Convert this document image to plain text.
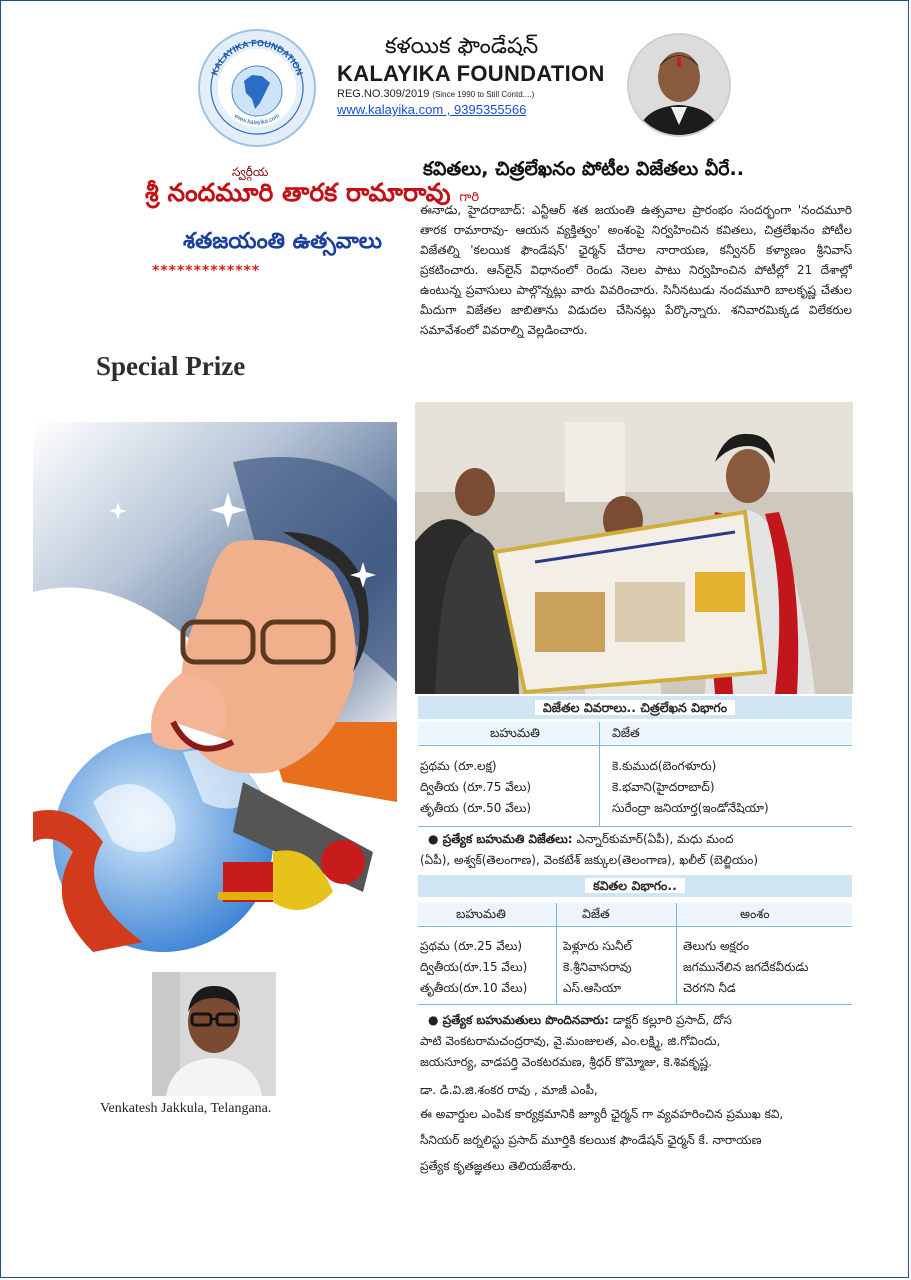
KALAYIKA FOUNDATION
www.kalayika.com
కళయిక ఫౌండేషన్
KALAYIKA FOUNDATION
REG.NO.309/2019 (Since 1990 to Still Contd....)
www.kalayika.com , 9395355566
స్వర్గీయ
శ్రీ నందమూరి తారక రామారావు గారి
శతజయంతి ఉత్సవాలు
*************
Special Prize
Venkatesh Jakkula, Telangana.
కవితలు, చిత్రలేఖనం పోటీల విజేతలు వీరే..
ఈనాడు, హైదరాబాద్: ఎన్టీఆర్ శత జయంతి ఉత్సవాల ప్రారంభం సందర్భంగా 'నందమూరి తారక రామారావు- ఆయన వ్యక్తిత్వం' అంశంపై నిర్వహించిన కవితలు, చిత్రలేఖనం పోటీల విజేతల్ని 'కలయిక ఫౌండేషన్' ఛైర్మన్ చేరాల నారాయణ, కన్వీనర్ కళ్యాణం శ్రీనివాస్ ప్రకటించారు. ఆన్‌లైన్ విధానంలో రెండు నెలల పాటు నిర్వహించిన పోటీల్లో 21 దేశాల్లో ఉంటున్న ప్రవాసులు పాల్గొన్నట్లు వారు వివరించారు. సినీనటుడు నందమూరి బాలకృష్ణ చేతుల మీదుగా విజేతల జాబితాను విడుదల చేసినట్లు పేర్కొన్నారు. శనివారమిక్కడ విలేకరుల సమావేశంలో వివరాల్ని వెల్లడించారు.
విజేతల వివరాలు.. చిత్రలేఖన విభాగం
బహుమతి	విజేత
ప్రథమ (రూ.లక్ష)	కె.కుముద(బెంగళూరు)
ద్వితీయ (రూ.75 వేలు)	కె.భవాని(హైదరాబాద్)
తృతీయ (రూ.50 వేలు)	సురేంద్రా జనియార్త(ఇండోనేషియా)
● ప్రత్యేక బహుమతి విజేతలు: ఎన్నార్‌కుమార్(ఏపీ), మధు మంద
(ఏపీ), అశ్వక్(తెలంగాణ), వెంకటేశ్ జక్కుల(తెలంగాణ), ఖలీల్ (బెల్జియం)
కవితల విభాగం..
బహుమతి	విజేత	అంశం
ప్రథమ (రూ.25 వేలు)	పెళ్లూరు సునీల్	తెలుగు అక్షరం
ద్వితీయ(రూ.15 వేలు)	కె.శ్రీనివాసరావు	జగమునేలిన జగదేకవీరుడు
తృతీయ(రూ.10 వేలు)	ఎస్.ఆసియా	చెరగని నీడ
● ప్రత్యేక బహుమతులు పొందినవారు: డాక్టర్ కల్లూరి ప్రసాద్, దోస
పాటి వెంకటరామచంద్రరావు, వై.మంజులత, ఎం.లక్ష్మి, జి.గోవిందు,
జయసూర్య, వాడపర్తి వెంకటరమణ, శ్రీధర్ కొమ్మోజు, కె.శివకృష్ణ.
డా. డి.వి.జి.శంకర రావు , మాజీ ఎంపీ,
ఈ అవార్డుల ఎంపిక కార్యక్రమానికి జ్యూరీ ఛైర్మన్ గా వ్యవహరించిన ప్రముఖ కవి,
సీనియర్ జర్నలిస్టు ప్రసాద్ మూర్తికి కలయిక ఫౌండేషన్ ఛైర్మన్ కే. నారాయణ
ప్రత్యేక కృతజ్ఞతలు తెలియజేశారు.
